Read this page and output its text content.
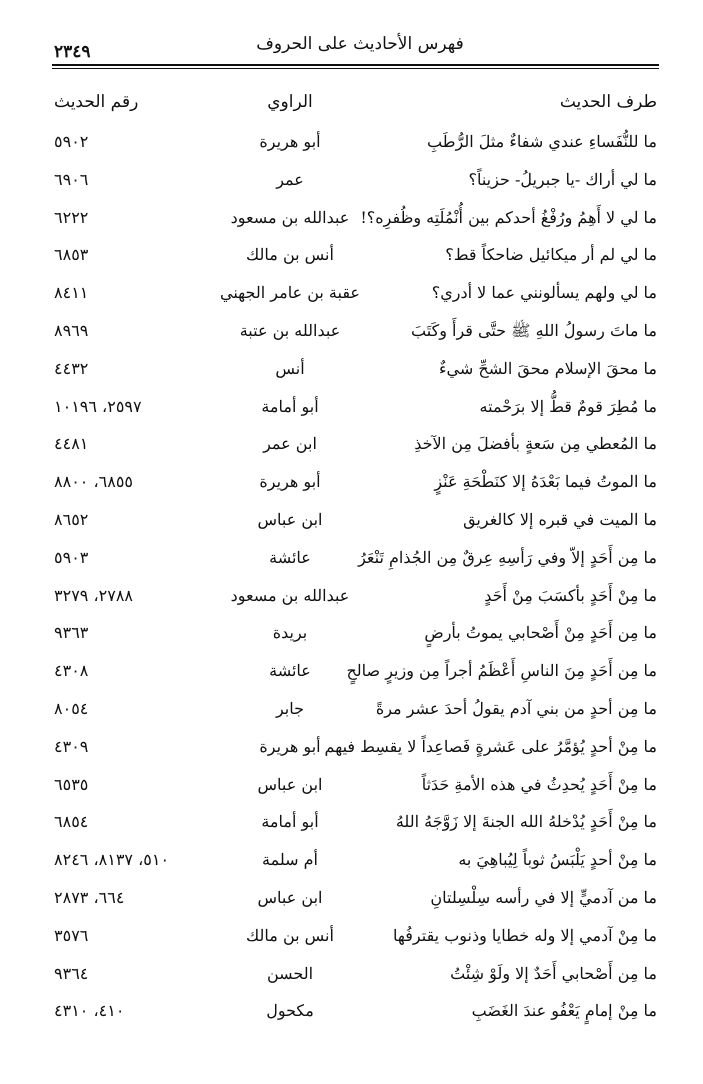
فهرس الأحاديث على الحروف
٢٣٤٩
طرف الحديث
الراوي
رقم الحديث
ما للنُّفَساءِ عندي شفاءٌ مثلَ الرُّطَبِ
أبو هريرة
٥٩٠٢
ما لي أراك -يا جبريلُ- حزيناً؟
عمر
٦٩٠٦
ما لي لا أَهِمُ ورُفْغُ أحدكم بين أُنْمُلَتِه وظُفرِه؟!
عبدالله بن مسعود
٦٢٢٢
ما لي لم أر ميكائيل ضاحكاً قط؟
أنس بن مالك
٦٨٥٣
ما لي ولهم يسألونني عما لا أدري؟
عقبة بن عامر الجهني
٨٤١١
ما ماتَ رسولُ اللهِ ﷺ حتَّى قرأَ وكَتَبَ
عبدالله بن عتبة
٨٩٦٩
ما محقَ الإسلام محقَ الشحِّ شيءٌ
أنس
٤٤٣٢
ما مُطِرَ قومٌ قطُّ إلا برَحْمته
أبو أمامة
٢٥٩٧، ١٠١٩٦
ما المُعطي مِن سَعةٍ بأفضلَ مِن الآخذِ
ابن عمر
٤٤٨١
ما الموتُ فيما بَعْدَهُ إلا كنَطْحَةِ عَنْزٍ
أبو هريرة
٦٨٥٥، ٨٨٠٠
ما الميت في قبره إلا كالغريق
ابن عباس
٨٦٥٢
ما مِن أَحَدٍ إلاّ وفي رَأسِهِ عِرقٌ مِن الجُذامِ تَنْعَرُ
عائشة
٥٩٠٣
ما مِنْ أَحَدٍ بأكسَبَ مِنْ أَحَدٍ
عبدالله بن مسعود
٢٧٨٨، ٣٢٧٩
ما مِن أَحَدٍ مِنْ أَصْحابي يموتُ بأرضٍ
بريدة
٩٣٦٣
ما مِن أَحَدٍ مِنَ الناسِ أَعْظَمُ أجراً مِن وزيرٍ صالحٍ
عائشة
٤٣٠٨
ما مِن أحدٍ من بني آدم يقولُ أحدَ عشر مرةً
جابر
٨٠٥٤
ما مِنْ أحدٍ يُؤمَّرُ على عَشرةٍ فَصاعِداً لا يقسِط فيهم
أبو هريرة
٤٣٠٩
ما مِنْ أَحَدٍ يُحدِثُ في هذه الأمةِ حَدَثاً
ابن عباس
٦٥٣٥
ما مِنْ أَحَدٍ يُدْخلهُ الله الجنةَ إلا زَوَّجَهُ اللهُ
أبو أمامة
٦٨٥٤
ما مِنْ أحدٍ يَلْبَسُ ثوباً لِيُباهِيَ به
أم سلمة
٥١٠، ٨١٣٧، ٨٢٤٦
ما من آدميٍّ إلا في رأسه سِلْسِلتانِ
ابن عباس
٦٦٤، ٢٨٧٣
ما مِنْ آدمي إلا وله خطايا وذنوب يقترفُها
أنس بن مالك
٣٥٧٦
ما مِن أَصْحابي أَحَدٌ إلا ولَوْ شِئْتُ
الحسن
٩٣٦٤
ما مِنْ إمامٍ يَعْفُو عندَ الغَضَبِ
مكحول
٤١٠، ٤٣١٠
